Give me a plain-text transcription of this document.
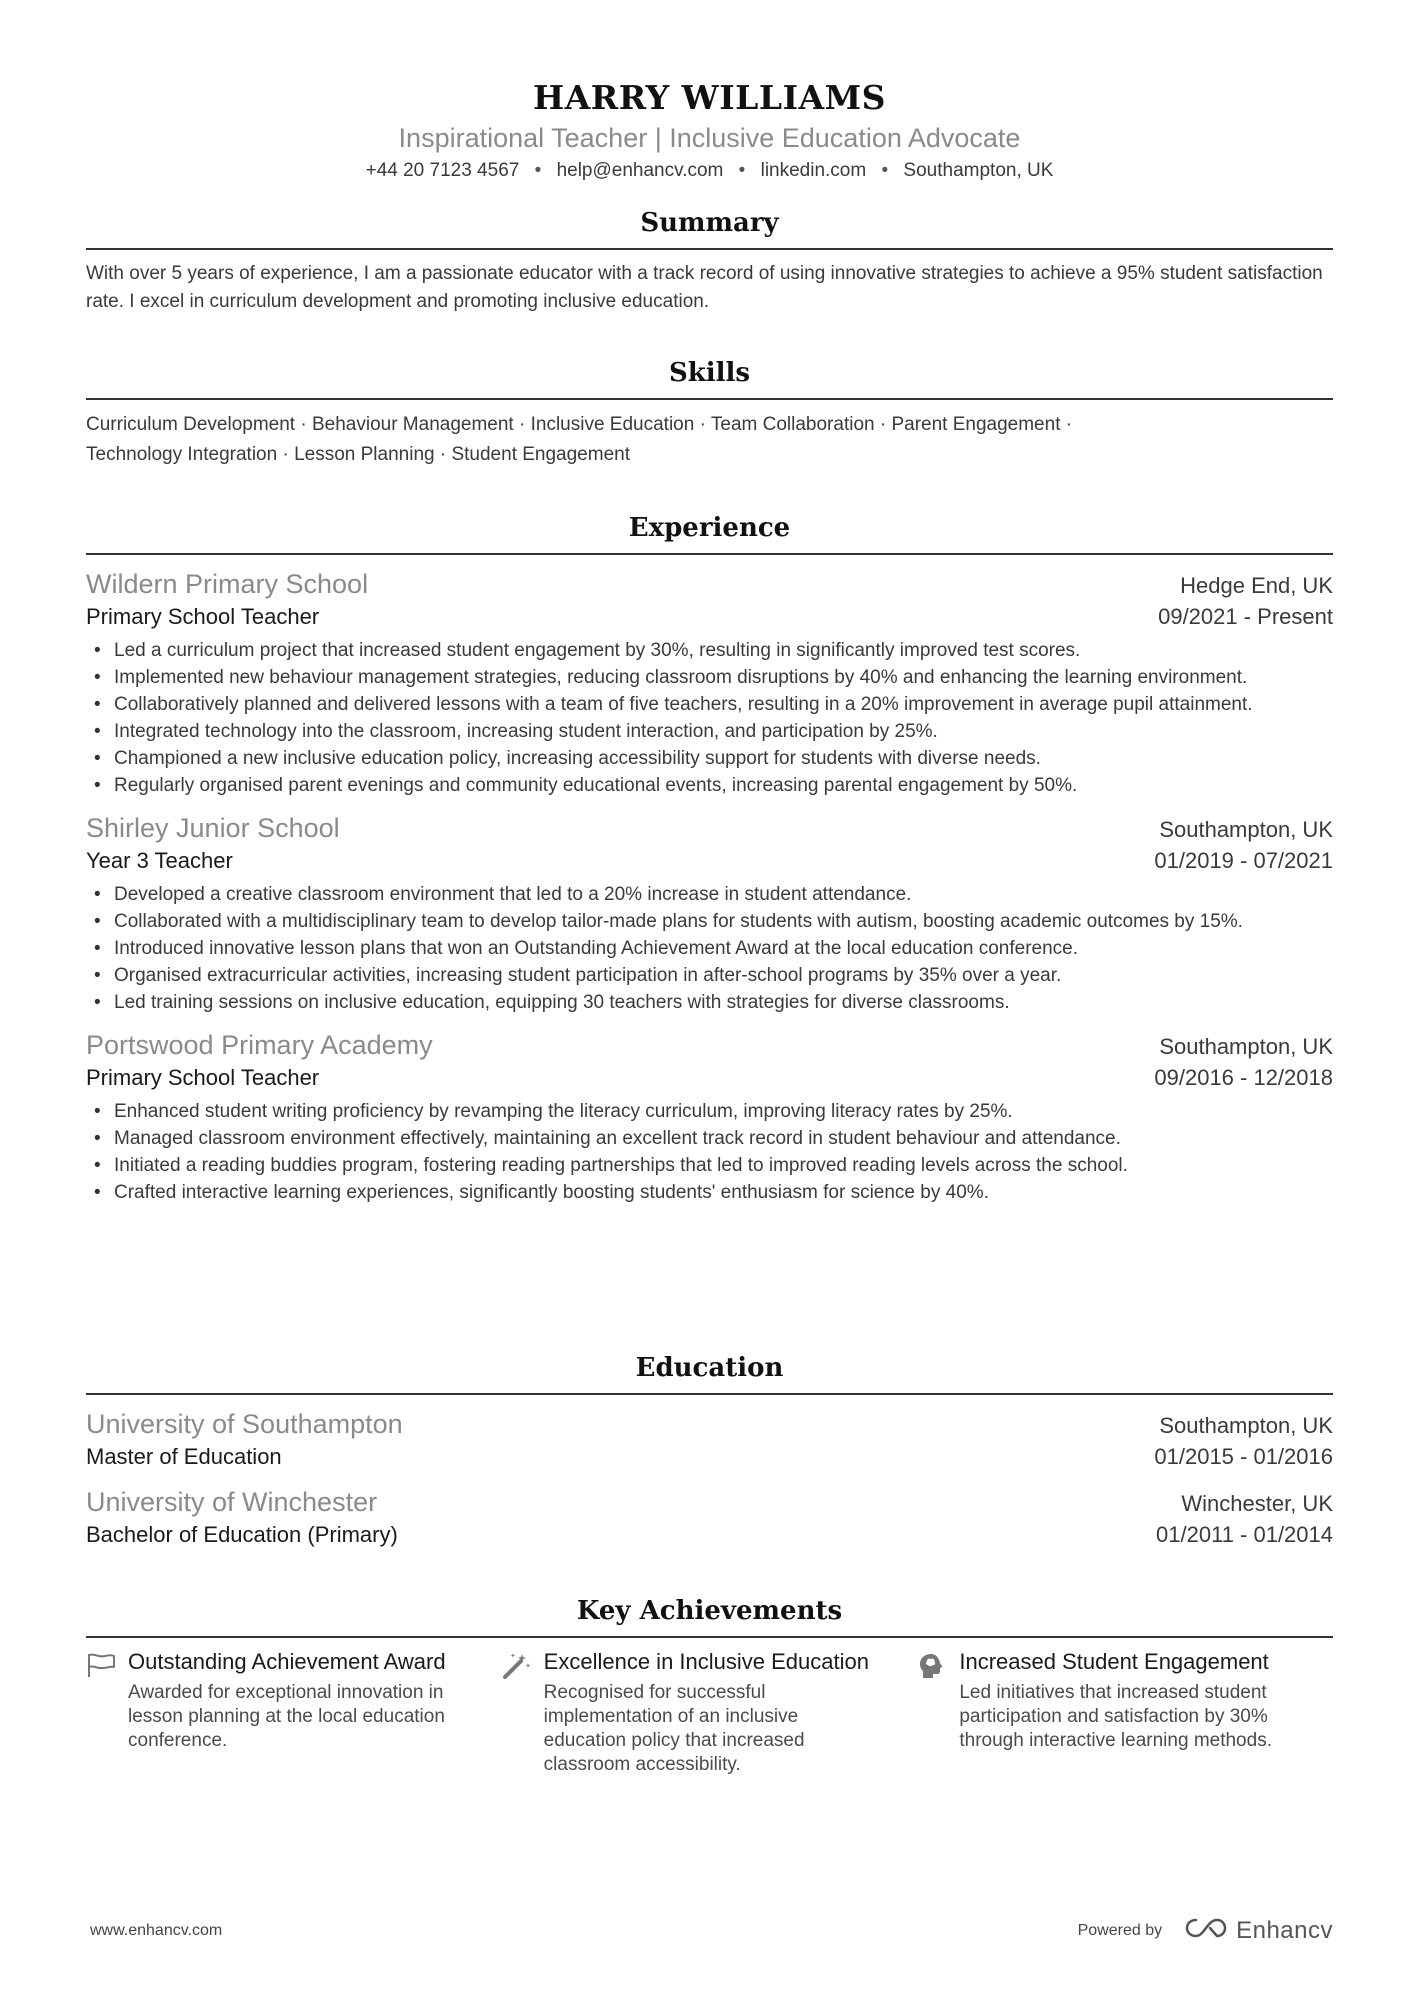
HARRY WILLIAMS
Inspirational Teacher | Inclusive Education Advocate
+44 20 7123 4567 • help@enhancv.com • linkedin.com • Southampton, UK
Summary

With over 5 years of experience, I am a passionate educator with a track record of using innovative strategies to achieve a 95% student satisfaction rate. I excel in curriculum development and promoting inclusive education.

Skills
Curriculum Development · Behaviour Management · Inclusive Education · Team Collaboration · Parent Engagement · Technology Integration · Lesson Planning · Student Engagement
Experience
Wildern Primary School	Hedge End, UK
Primary School Teacher	09/2021 - Present
• Led a curriculum project that increased student engagement by 30%, resulting in significantly improved test scores.
• Implemented new behaviour management strategies, reducing classroom disruptions by 40% and enhancing the learning environment.
• Collaboratively planned and delivered lessons with a team of five teachers, resulting in a 20% improvement in average pupil attainment.
• Integrated technology into the classroom, increasing student interaction, and participation by 25%.
• Championed a new inclusive education policy, increasing accessibility support for students with diverse needs.
• Regularly organised parent evenings and community educational events, increasing parental engagement by 50%.
Shirley Junior School	Southampton, UK
Year 3 Teacher	01/2019 - 07/2021
• Developed a creative classroom environment that led to a 20% increase in student attendance.
• Collaborated with a multidisciplinary team to develop tailor-made plans for students with autism, boosting academic outcomes by 15%.
• Introduced innovative lesson plans that won an Outstanding Achievement Award at the local education conference.
• Organised extracurricular activities, increasing student participation in after-school programs by 35% over a year.
• Led training sessions on inclusive education, equipping 30 teachers with strategies for diverse classrooms.
Portswood Primary Academy	Southampton, UK
Primary School Teacher	09/2016 - 12/2018
• Enhanced student writing proficiency by revamping the literacy curriculum, improving literacy rates by 25%.
• Managed classroom environment effectively, maintaining an excellent track record in student behaviour and attendance.
• Initiated a reading buddies program, fostering reading partnerships that led to improved reading levels across the school.
• Crafted interactive learning experiences, significantly boosting students' enthusiasm for science by 40%.
Education
University of Southampton	Southampton, UK
Master of Education	01/2015 - 01/2016
University of Winchester	Winchester, UK
Bachelor of Education (Primary)	01/2011 - 01/2014
Key Achievements
Outstanding Achievement Award
Awarded for exceptional innovation in lesson planning at the local education conference.
Excellence in Inclusive Education
Recognised for successful implementation of an inclusive education policy that increased classroom accessibility.
Increased Student Engagement
Led initiatives that increased student participation and satisfaction by 30% through interactive learning methods.
www.enhancv.com	Powered by	Enhancv
